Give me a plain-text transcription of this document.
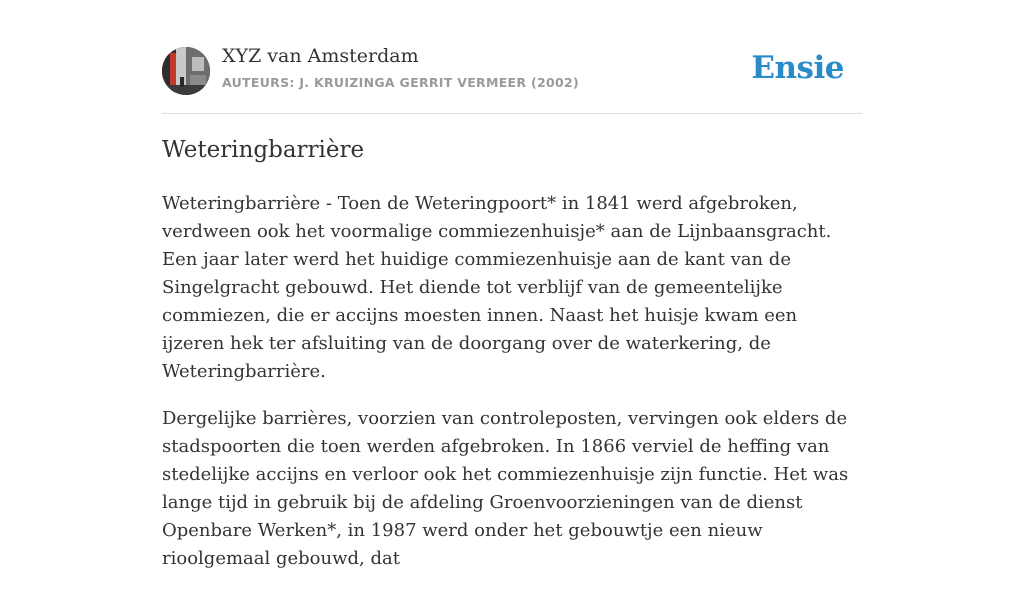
XYZ van Amsterdam
AUTEURS: J. KRUIZINGA GERRIT VERMEER (2002)	Ensie
Weteringbarrière

Weteringbarrière - Toen de Weteringpoort* in 1841 werd afgebroken, verdween ook het voormalige commiezenhuisje* aan de Lijnbaansgracht. Een jaar later werd het huidige commiezenhuisje aan de kant van de Singelgracht gebouwd. Het diende tot verblijf van de gemeentelijke commiezen, die er accijns moesten innen. Naast het huisje kwam een ijzeren hek ter afsluiting van de doorgang over de waterkering, de Weteringbarrière.

Dergelijke barrières, voorzien van controleposten, vervingen ook elders de stadspoorten die toen werden afgebroken. In 1866 verviel de heffing van stedelijke accijns en verloor ook het commiezenhuisje zijn functie. Het was lange tijd in gebruik bij de afdeling Groenvoorzieningen van de dienst Openbare Werken*, in 1987 werd onder het gebouwtje een nieuw rioolgemaal gebouwd, dat
